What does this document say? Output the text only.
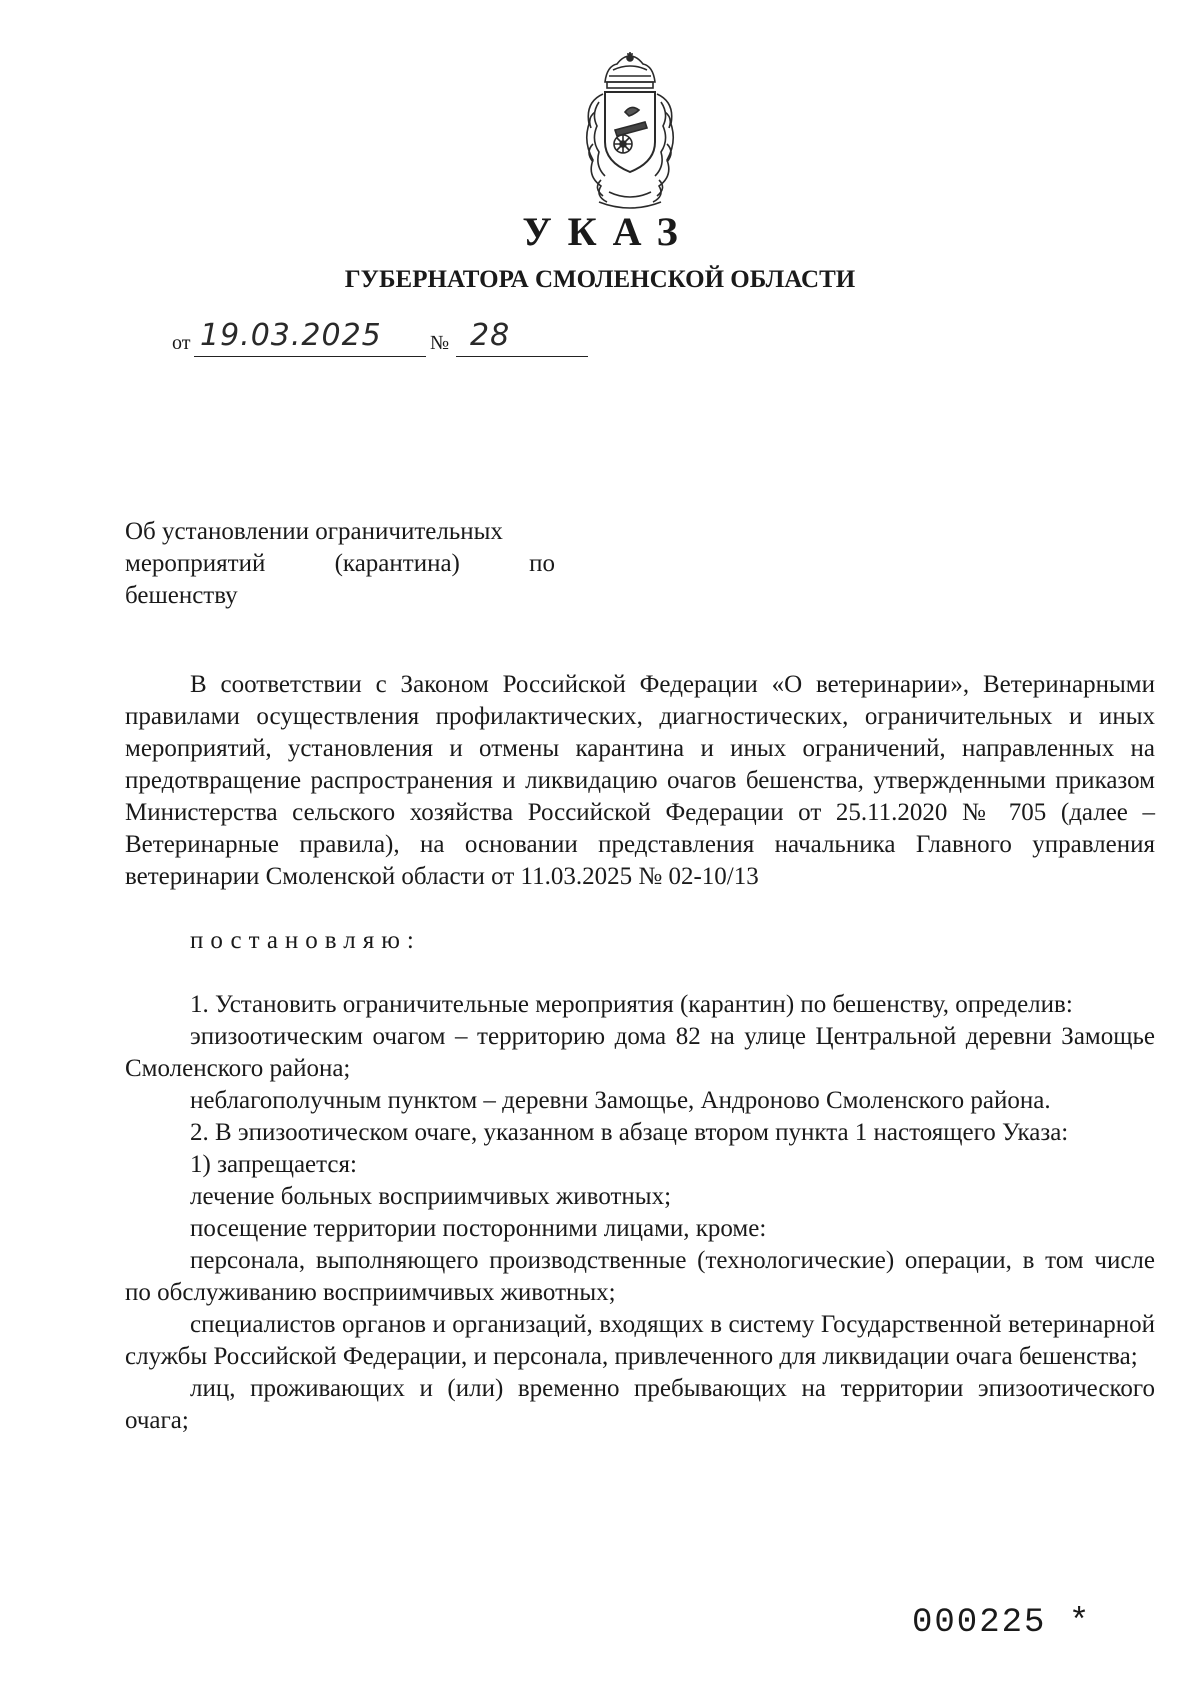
УКАЗ
ГУБЕРНАТОРА СМОЛЕНСКОЙ ОБЛАСТИ
от 19.03.2025 № 28
Об установлении ограничительных
мероприятий (карантина) по
бешенству

В соответствии с Законом Российской Федерации «О ветеринарии», Ветеринарными правилами осуществления профилактических, диагностических, ограничительных и иных мероприятий, установления и отмены карантина и иных ограничений, направленных на предотвращение распространения и ликвидацию очагов бешенства, утвержденными приказом Министерства сельского хозяйства Российской Федерации от 25.11.2020 № 705 (далее – Ветеринарные правила), на основании представления начальника Главного управления ветеринарии Смоленской области от 11.03.2025 № 02-10/13

постановляю:

1. Установить ограничительные мероприятия (карантин) по бешенству, определив:

эпизоотическим очагом – территорию дома 82 на улице Центральной деревни Замощье Смоленского района;

неблагополучным пунктом – деревни Замощье, Андроново Смоленского района.

2. В эпизоотическом очаге, указанном в абзаце втором пункта 1 настоящего Указа:

1) запрещается:

лечение больных восприимчивых животных;

посещение территории посторонними лицами, кроме:

персонала, выполняющего производственные (технологические) операции, в том числе по обслуживанию восприимчивых животных;

специалистов органов и организаций, входящих в систему Государственной ветеринарной службы Российской Федерации, и персонала, привлеченного для ликвидации очага бешенства;

лиц, проживающих и (или) временно пребывающих на территории эпизоотического очага;

000225 *
